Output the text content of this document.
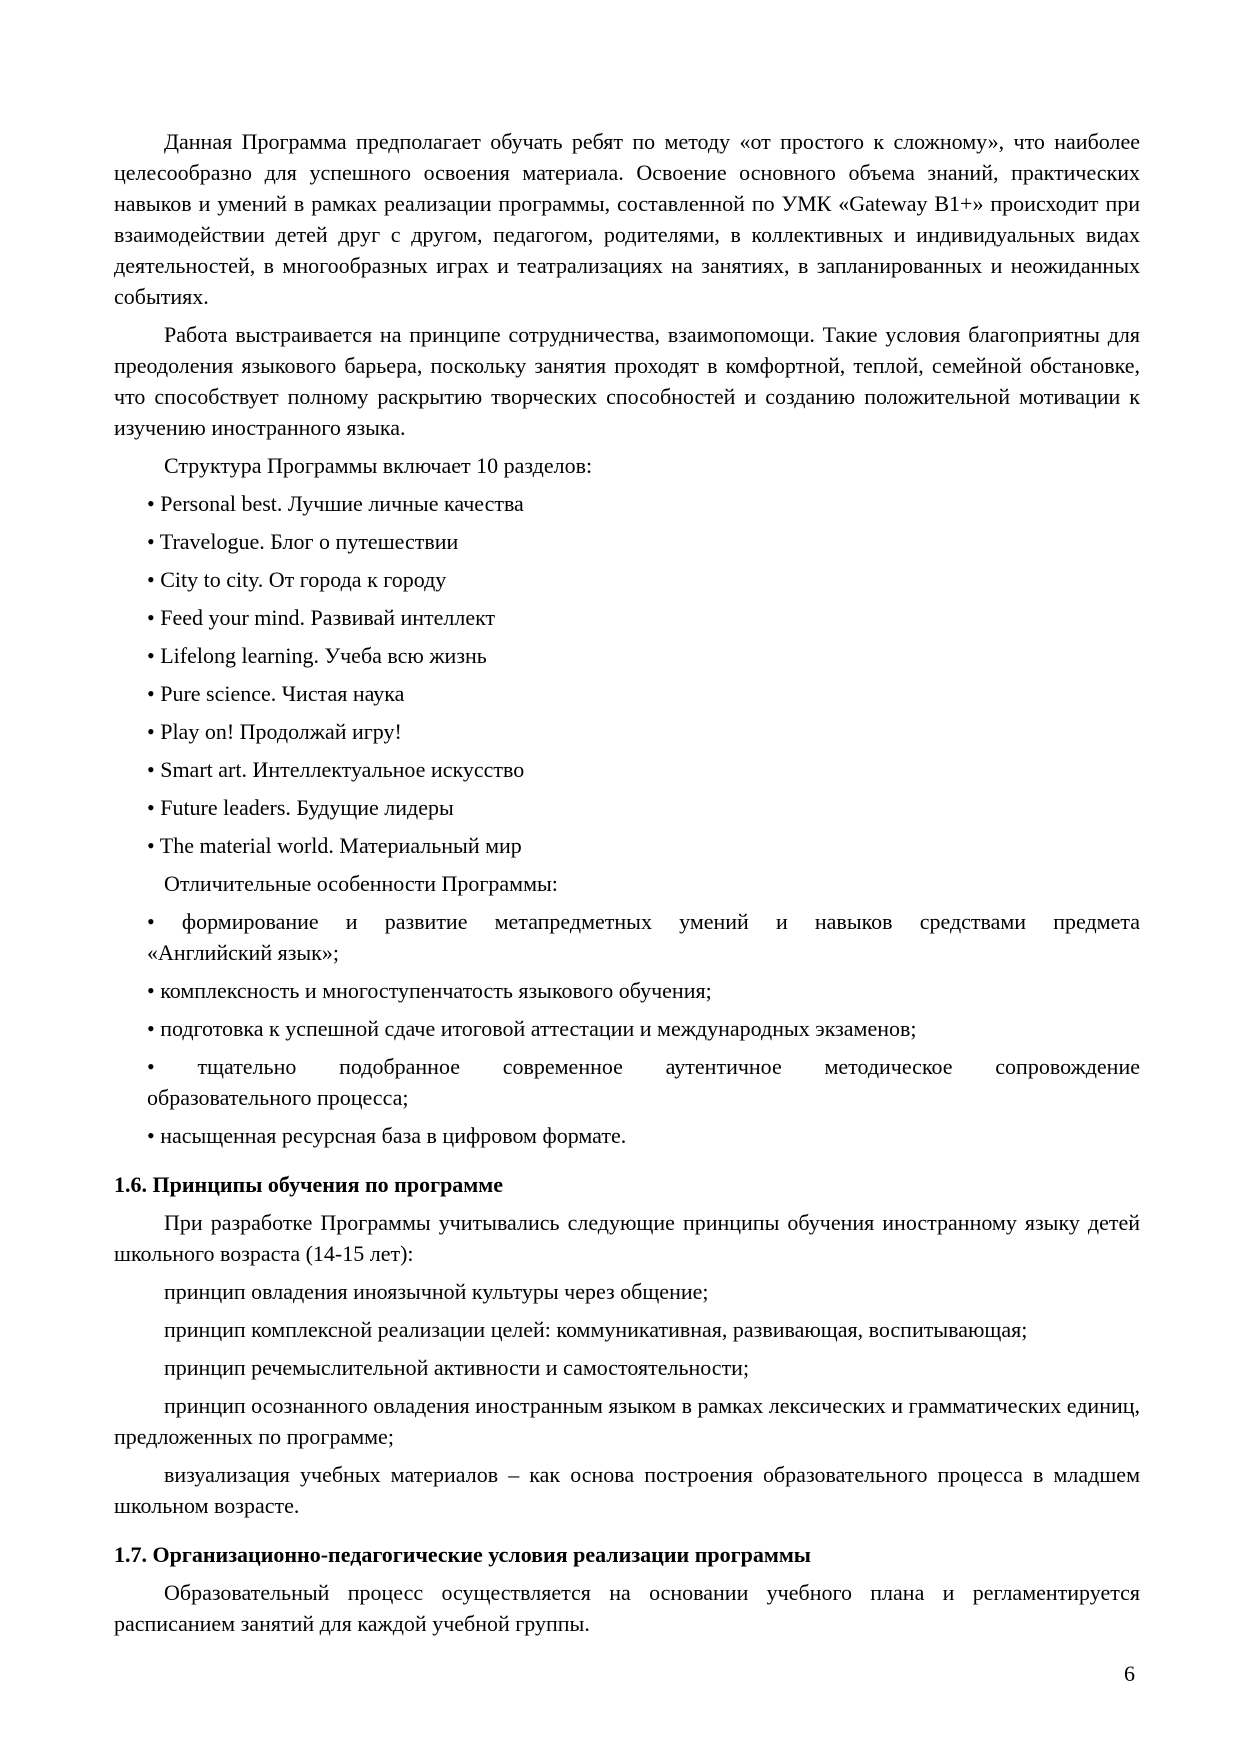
Данная Программа предполагает обучать ребят по методу «от простого к сложному», что наиболее целесообразно для успешного освоения материала. Освоение основного объема знаний, практических навыков и умений в рамках реализации программы, составленной по УМК «Gateway B1+» происходит при взаимодействии детей друг с другом, педагогом, родителями, в коллективных и индивидуальных видах деятельностей, в многообразных играх и театрализациях на занятиях, в запланированных и неожиданных событиях.

Работа выстраивается на принципе сотрудничества, взаимопомощи. Такие условия благоприятны для преодоления языкового барьера, поскольку занятия проходят в комфортной, теплой, семейной обстановке, что способствует полному раскрытию творческих способностей и созданию положительной мотивации к изучению иностранного языка.

Структура Программы включает 10 разделов:

• Personal best. Лучшие личные качества

• Travelogue. Блог о путешествии

• City to city. От города к городу

• Feed your mind. Развивай интеллект

• Lifelong learning. Учеба всю жизнь

• Pure science. Чистая наука

• Play on! Продолжай игру!

• Smart art. Интеллектуальное искусство

• Future leaders. Будущие лидеры

• The material world. Материальный мир

Отличительные особенности Программы:

• формирование и развитие метапредметных умений и навыков средствами предмета
«Английский язык»;

• комплексность и многоступенчатость языкового обучения;

• подготовка к успешной сдаче итоговой аттестации и международных экзаменов;

• тщательно подобранное современное аутентичное методическое сопровождение
образовательного процесса;

• насыщенная ресурсная база в цифровом формате.

1.6. Принципы обучения по программе

При разработке Программы учитывались следующие принципы обучения иностранному языку детей школьного возраста (14-15 лет):

принцип овладения иноязычной культуры через общение;

принцип комплексной реализации целей: коммуникативная, развивающая, воспитывающая;

принцип речемыслительной активности и самостоятельности;

принцип осознанного овладения иностранным языком в рамках лексических и грамматических единиц, предложенных по программе;

визуализация учебных материалов – как основа построения образовательного процесса в младшем школьном возрасте.

1.7. Организационно-педагогические условия реализации программы

Образовательный процесс осуществляется на основании учебного плана и регламентируется расписанием занятий для каждой учебной группы.

6
